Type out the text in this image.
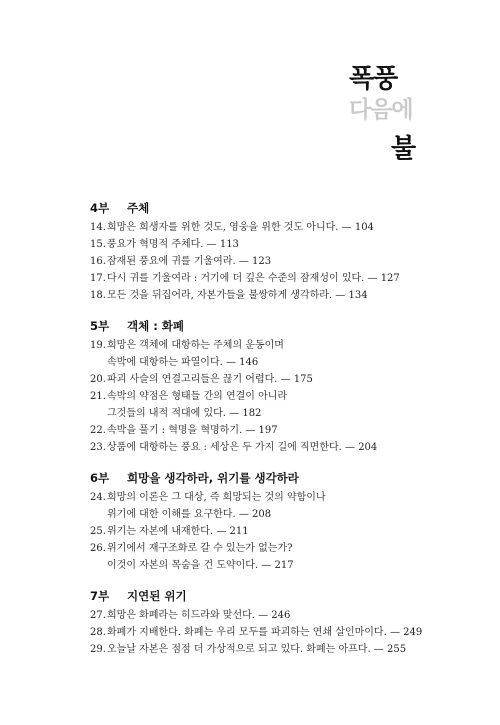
폭풍
다음에
불
4부 주체
14.희망은 희생자를 위한 것도, 영웅을 위한 것도 아니다. — 104
15.풍요가 혁명적 주체다. — 113
16.잠재된 풍요에 귀를 기울여라. — 123
17.다시 귀를 기울여라 : 거기에 더 깊은 수준의 잠재성이 있다. — 127
18.모든 것을 뒤집어라, 자본가들을 불쌍하게 생각하라. — 134
5부 객체 : 화폐
19.희망은 객체에 대항하는 주체의 운동이며
속박에 대항하는 파열이다. — 146
20.파괴 사슬의 연결고리들은 끊기 어렵다. — 175
21.속박의 약점은 형태들 간의 연결이 아니라
그것들의 내적 적대에 있다. — 182
22.속박을 풀기 : 혁명을 혁명하기. — 197
23.상품에 대항하는 풍요 : 세상은 두 가지 길에 직면한다. — 204
6부 희망을 생각하라, 위기를 생각하라
24.희망의 이론은 그 대상, 즉 희망되는 것의 약함이나
위기에 대한 이해를 요구한다. — 208
25.위기는 자본에 내재한다. — 211
26.위기에서 재구조화로 갈 수 있는가 없는가?
이것이 자본의 목숨을 건 도약이다. — 217
7부 지연된 위기
27.희망은 화폐라는 히드라와 맞선다. — 246
28.화폐가 지배한다. 화폐는 우리 모두를 파괴하는 연쇄 살인마이다. — 249
29.오늘날 자본은 점점 더 가상적으로 되고 있다. 화폐는 아프다. — 255
